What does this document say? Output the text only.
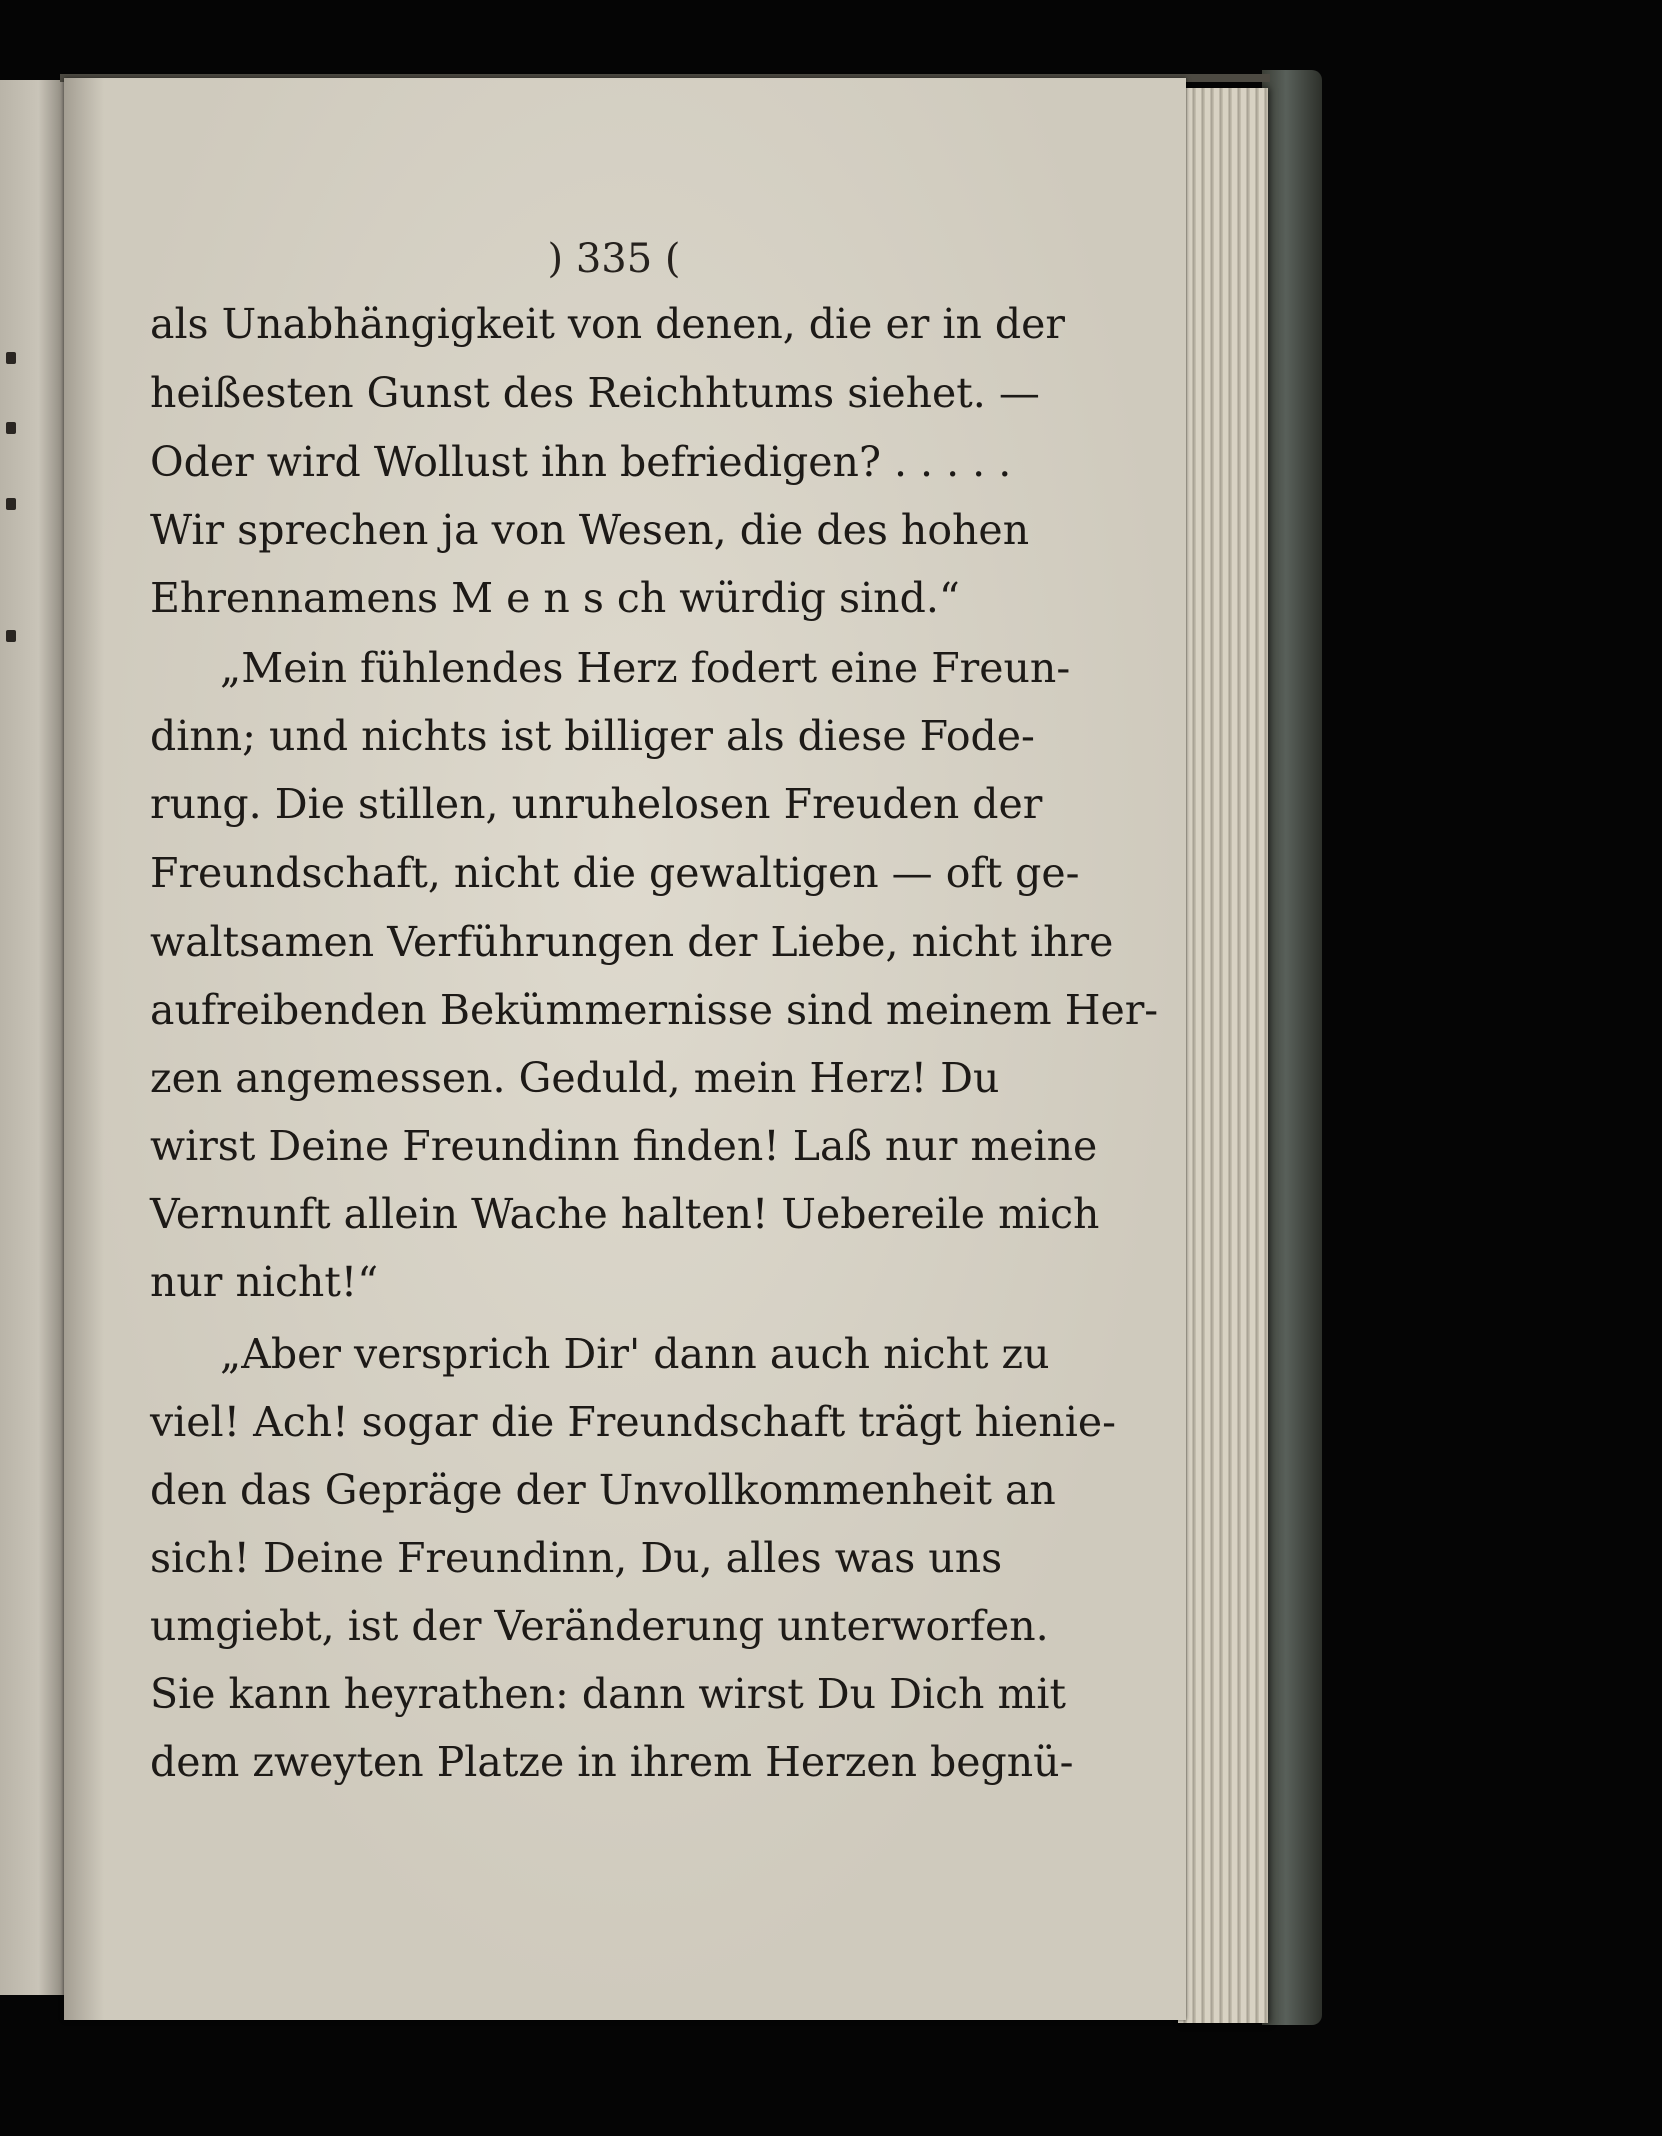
) 335 (
als Unabhängigkeit von denen, die er in der
heißesten Gunst des Reichhtums siehet. —
Oder wird Wollust ihn befriedigen? . . . . .
Wir sprechen ja von Wesen, die des hohen
Ehrennamens M e n s ch würdig sind.“
„Mein fühlendes Herz fodert eine Freun-
dinn; und nichts ist billiger als diese Fode-
rung. Die stillen, unruhelosen Freuden der
Freundschaft, nicht die gewaltigen — oft ge-
waltsamen Verführungen der Liebe, nicht ihre
aufreibenden Bekümmernisse sind meinem Her-
zen angemessen. Geduld, mein Herz! Du
wirst Deine Freundinn finden! Laß nur meine
Vernunft allein Wache halten! Uebereile mich
nur nicht!“
„Aber versprich Dir' dann auch nicht zu
viel! Ach! sogar die Freundschaft trägt hienie-
den das Gepräge der Unvollkommenheit an
sich! Deine Freundinn, Du, alles was uns
umgiebt, ist der Veränderung unterworfen.
Sie kann heyrathen: dann wirst Du Dich mit
dem zweyten Platze in ihrem Herzen begnü-
